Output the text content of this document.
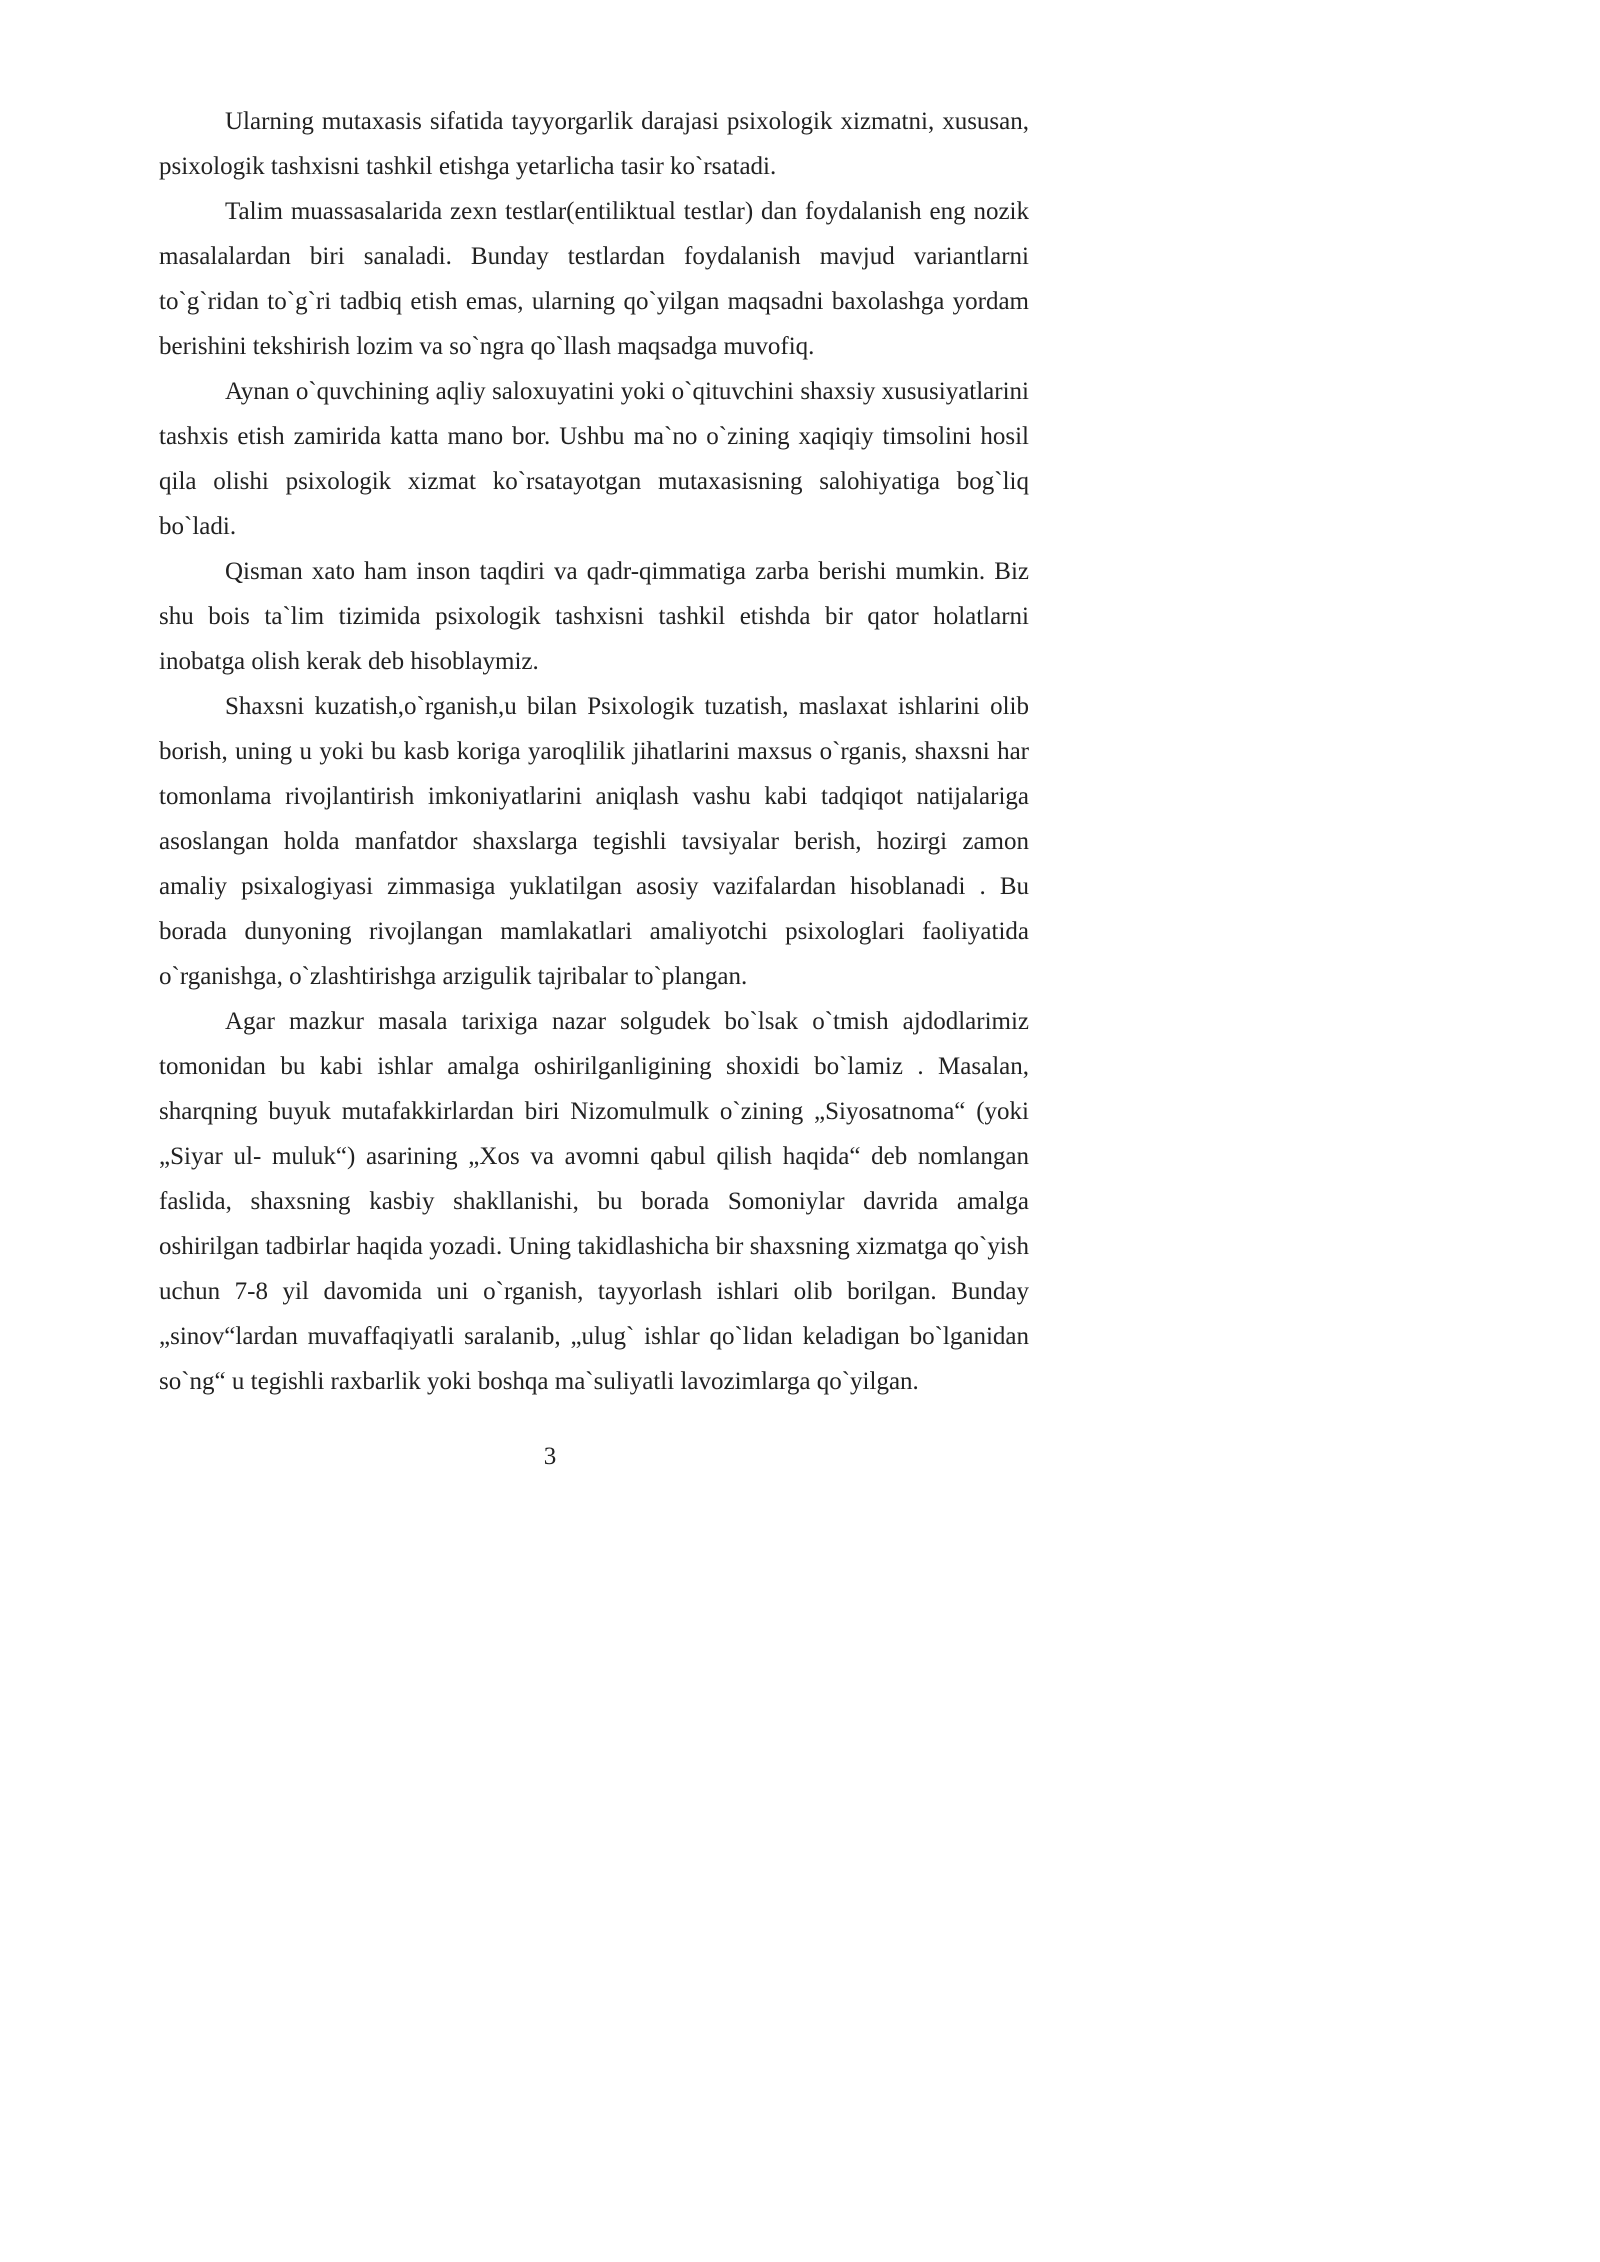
Ularning mutaxasis sifatida tayyorgarlik darajasi psixologik xizmatni, xususan, psixologik tashxisni tashkil etishga yetarlicha tasir ko`rsatadi.

Talim muassasalarida zexn testlar(entiliktual testlar) dan foydalanish eng nozik masalalardan biri sanaladi. Bunday testlardan foydalanish mavjud variantlarni to`g`ridan to`g`ri tadbiq etish emas, ularning qo`yilgan maqsadni baxolashga yordam berishini tekshirish lozim va so`ngra qo`llash maqsadga muvofiq.

Aynan o`quvchining aqliy saloxuyatini yoki o`qituvchini shaxsiy xususiyatlarini tashxis etish zamirida katta mano bor. Ushbu ma`no o`zining xaqiqiy timsolini hosil qila olishi psixologik xizmat ko`rsatayotgan mutaxasisning salohiyatiga bog`liq bo`ladi.

Qisman xato ham inson taqdiri va qadr-qimmatiga zarba berishi mumkin. Biz shu bois ta`lim tizimida psixologik tashxisni tashkil etishda bir qator holatlarni inobatga olish kerak deb hisoblaymiz.

Shaxsni kuzatish,o`rganish,u bilan Psixologik tuzatish, maslaxat ishlarini olib borish, uning u yoki bu kasb koriga yaroqlilik jihatlarini maxsus o`rganis, shaxsni har tomonlama rivojlantirish imkoniyatlarini aniqlash vashu kabi tadqiqot natijalariga asoslangan holda manfatdor shaxslarga tegishli tavsiyalar berish, hozirgi zamon amaliy psixalogiyasi zimmasiga yuklatilgan asosiy vazifalardan hisoblanadi . Bu borada dunyoning rivojlangan mamlakatlari amaliyotchi psixologlari faoliyatida o`rganishga, o`zlashtirishga arzigulik tajribalar to`plangan.

Agar mazkur masala tarixiga nazar solgudek bo`lsak o`tmish ajdodlarimiz tomonidan bu kabi ishlar amalga oshirilganligining shoxidi bo`lamiz . Masalan, sharqning buyuk mutafakkirlardan biri Nizomulmulk o`zining „Siyosatnoma“ (yoki „Siyar ul- muluk“) asarining „Xos va avomni qabul qilish haqida“ deb nomlangan faslida, shaxsning kasbiy shakllanishi, bu borada Somoniylar davrida amalga oshirilgan tadbirlar haqida yozadi. Uning takidlashicha bir shaxsning xizmatga qo`yish uchun 7-8 yil davomida uni o`rganish, tayyorlash ishlari olib borilgan. Bunday „sinov“lardan muvaffaqiyatli saralanib, „ulug` ishlar qo`lidan keladigan bo`lganidan so`ng“ u tegishli raxbarlik yoki boshqa ma`suliyatli lavozimlarga qo`yilgan.

3
